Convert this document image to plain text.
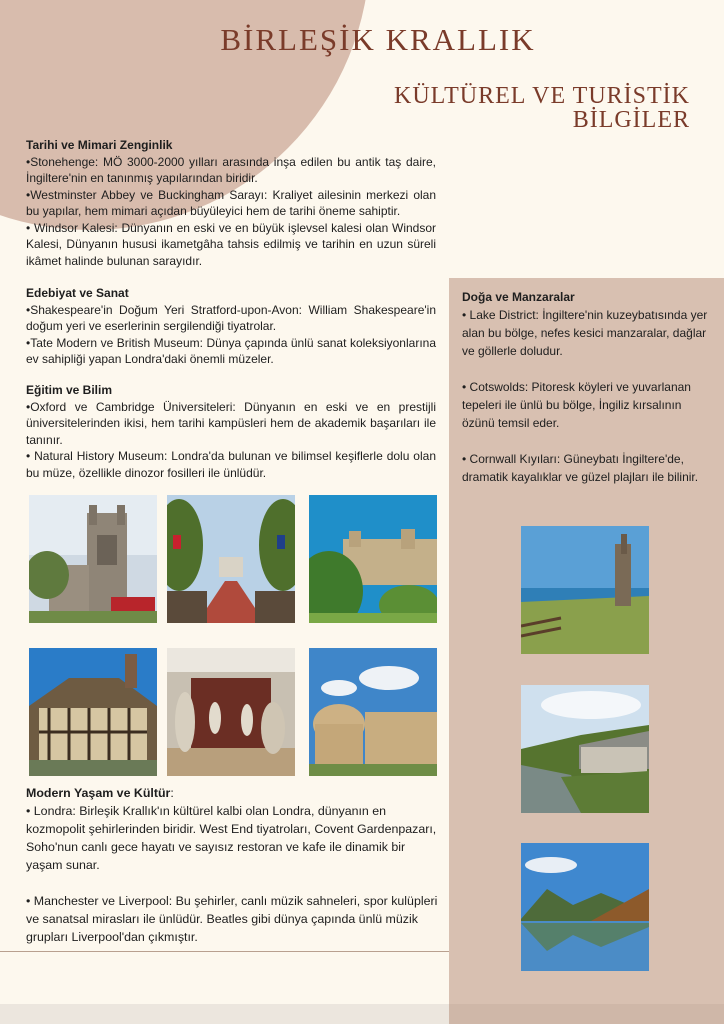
BİRLEŞİK KRALLIK
KÜLTÜREL VE TURİSTİK
BİLGİLER
Tarihi ve Mimari Zenginlik

•Stonehenge: MÖ 3000-2000 yılları arasında inşa edilen bu antik taş daire, İngiltere'nin en tanınmış yapılarından biridir.

•Westminster Abbey ve Buckingham Sarayı: Kraliyet ailesinin merkezi olan bu yapılar, hem mimari açıdan büyüleyici hem de tarihi öneme sahiptir.

• Windsor Kalesi: Dünyanın en eski ve en büyük işlevsel kalesi olan Windsor Kalesi, Dünyanın hususi ikametgâha tahsis edilmiş ve tarihin en uzun süreli ikâmet halinde bulunan sarayıdır.

Edebiyat ve Sanat

•Shakespeare'in Doğum Yeri Stratford-upon-Avon: William Shakespeare'in doğum yeri ve eserlerinin sergilendiği tiyatrolar.

•Tate Modern ve British Museum: Dünya çapında ünlü sanat koleksiyonlarına ev sahipliği yapan Londra'daki önemli müzeler.

Eğitim ve Bilim

•Oxford ve Cambridge Üniversiteleri: Dünyanın en eski ve en prestijli üniversitelerinden ikisi, hem tarihi kampüsleri hem de akademik başarıları ile tanınır.

• Natural History Museum: Londra'da bulunan ve bilimsel keşiflerle dolu olan bu müze, özellikle dinozor fosilleri ile ünlüdür.

Doğa ve Manzaralar

• Lake District: İngiltere'nin kuzeybatısında yer alan bu bölge, nefes kesici manzaralar, dağlar ve göllerle doludur.

• Cotswolds: Pitoresk köyleri ve yuvarlanan tepeleri ile ünlü bu bölge, İngiliz kırsalının özünü temsil eder.

• Cornwall Kıyıları: Güneybatı İngiltere'de, dramatik kayalıklar ve güzel plajları ile bilinir.

Modern Yaşam ve Kültür:

• Londra: Birleşik Krallık'ın kültürel kalbi olan Londra, dünyanın en kozmopolit şehirlerinden biridir. West End tiyatroları, Covent Gardenpazarı, Soho'nun canlı gece hayatı ve sayısız restoran ve kafe ile dinamik bir yaşam sunar.

• Manchester ve Liverpool: Bu şehirler, canlı müzik sahneleri, spor kulüpleri ve sanatsal mirasları ile ünlüdür. Beatles gibi dünya çapında ünlü müzik grupları Liverpool'dan çıkmıştır.
